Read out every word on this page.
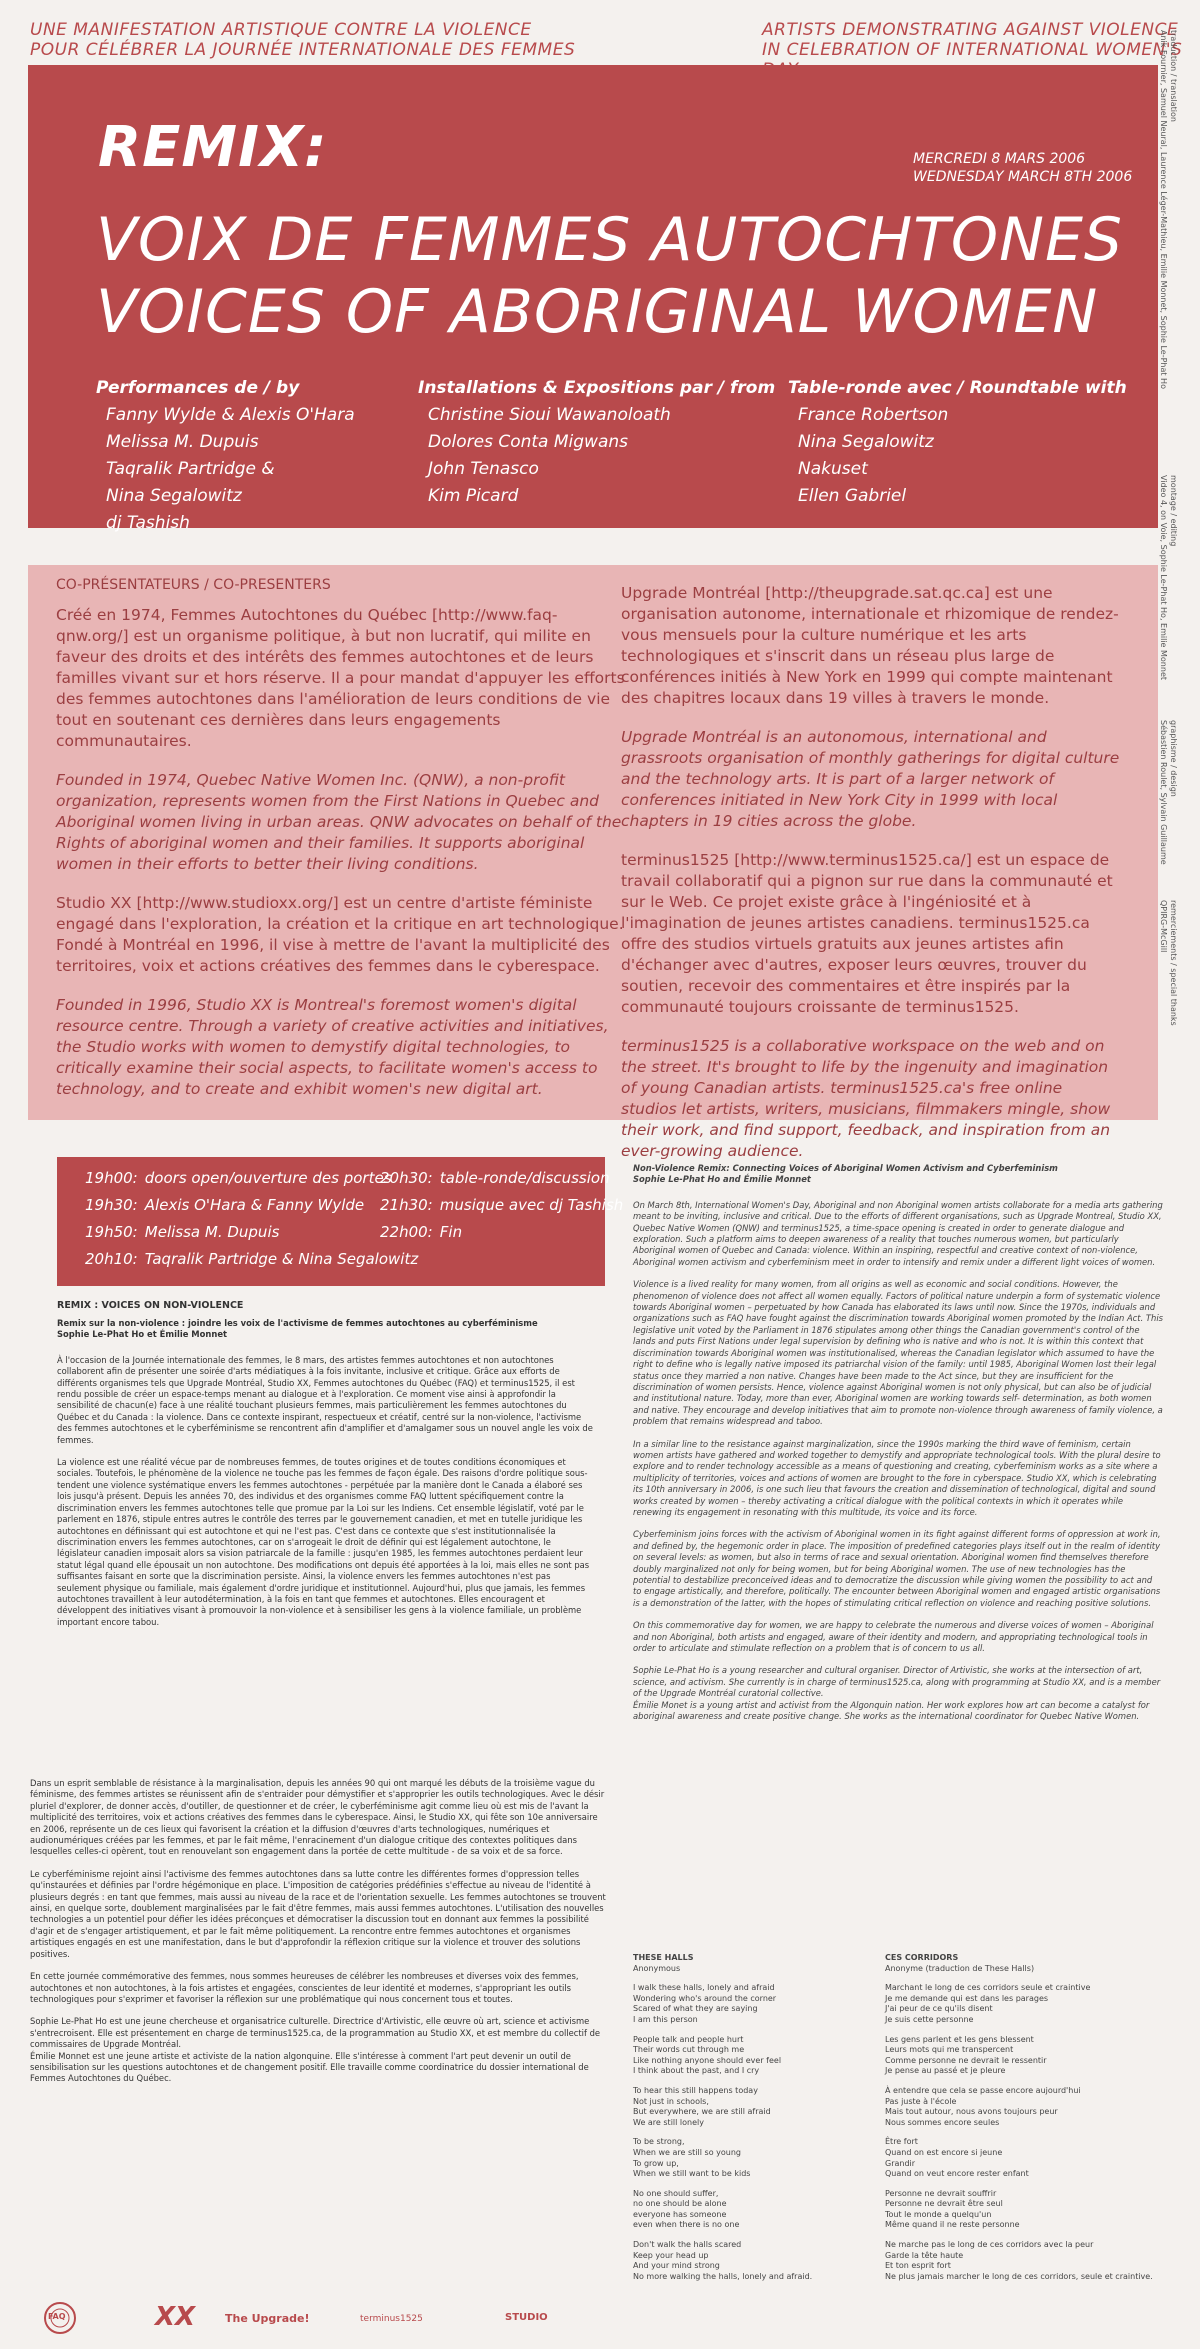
UNE MANIFESTATION ARTISTIQUE CONTRE LA VIOLENCE
POUR CÉLÉBRER LA JOURNÉE INTERNATIONALE DES FEMMES
ARTISTS DEMONSTRATING AGAINST VIOLENCE
IN CELEBRATION OF INTERNATIONAL WOMEN'S
REMIX:	MERCREDI 8 MARS 2006
WEDNESDAY MARCH 8TH 2006
VOIX DE FEMMES AUTOCHTONES
VOICES OF ABORIGINAL WOMEN
Performances de / by
Fanny Wylde & Alexis O'Hara
Melissa M. Dupuis
Taqralik Partridge &
Nina Segalowitz
dj Tashish
Installations & Expositions par / from
Christine Sioui Wawanoloath
Dolores Conta Migwans
John Tenasco
Kim Picard
Table-ronde avec / Roundtable with
France Robertson
Nina Segalowitz
Nakuset
Ellen Gabriel
traduction / translation
Anik Fournier, Samuel Neural, Laurence Léger-Mathieu, Emilie Monnet, Sophie Le-Phat Ho
montage / editing
Video 4, on Voie, Sophie Le-Phat Ho, Emilie Monnet
graphisme / design
Sébastien Roulet, Sylvain Guillaume
remerciements / special thanks
QPIRG-McGill
CO-PRÉSENTATEURS / CO-PRESENTERS

Créé en 1974, Femmes Autochtones du Québec [http://www.faq-qnw.org/] est un organisme politique, à but non lucratif, qui milite en faveur des droits et des intérêts des femmes autochtones et de leurs familles vivant sur et hors réserve. Il a pour mandat d'appuyer les efforts des femmes autochtones dans l'amélioration de leurs conditions de vie tout en soutenant ces dernières dans leurs engagements communautaires.

Founded in 1974, Quebec Native Women Inc. (QNW), a non-profit organization, represents women from the First Nations in Quebec and Aboriginal women living in urban areas. QNW advocates on behalf of the Rights of aboriginal women and their families. It supports aboriginal women in their efforts to better their living conditions.

Studio XX [http://www.studioxx.org/] est un centre d'artiste féministe engagé dans l'exploration, la création et la critique en art technologique. Fondé à Montréal en 1996, il vise à mettre de l'avant la multiplicité des territoires, voix et actions créatives des femmes dans le cyberespace.

Founded in 1996, Studio XX is Montreal's foremost women's digital resource centre. Through a variety of creative activities and initiatives, the Studio works with women to demystify digital technologies, to critically examine their social aspects, to facilitate women's access to technology, and to create and exhibit women's new digital art.

Upgrade Montréal [http://theupgrade.sat.qc.ca] est une organisation autonome, internationale et rhizomique de rendez-vous mensuels pour la culture numérique et les arts technologiques et s'inscrit dans un réseau plus large de conférences initiés à New York en 1999 qui compte maintenant des chapitres locaux dans 19 villes à travers le monde.

Upgrade Montréal is an autonomous, international and grassroots organisation of monthly gatherings for digital culture and the technology arts. It is part of a larger network of conferences initiated in New York City in 1999 with local chapters in 19 cities across the globe.

terminus1525 [http://www.terminus1525.ca/] est un espace de travail collaboratif qui a pignon sur rue dans la communauté et sur le Web. Ce projet existe grâce à l'ingéniosité et à l'imagination de jeunes artistes canadiens. terminus1525.ca offre des studios virtuels gratuits aux jeunes artistes afin d'échanger avec d'autres, exposer leurs œuvres, trouver du soutien, recevoir des commentaires et être inspirés par la communauté toujours croissante de terminus1525.

terminus1525 is a collaborative workspace on the web and on the street. It's brought to life by the ingenuity and imagination of young Canadian artists. terminus1525.ca's free online studios let artists, writers, musicians, filmmakers mingle, show their work, and find support, feedback, and inspiration from an ever-growing audience.

19h00: doors open/ouverture des portes
19h30: Alexis O'Hara & Fanny Wylde
19h50: Melissa M. Dupuis
20h10: Taqralik Partridge & Nina Segalowitz
20h30: table-ronde/discussion
21h30: musique avec dj Tashish
22h00: Fin
REMIX : VOICES ON NON-VIOLENCE

Remix sur la non-violence : joindre les voix de l'activisme de femmes autochtones au cyberféminisme
Sophie Le-Phat Ho et Émilie Monnet

À l'occasion de la Journée internationale des femmes, le 8 mars, des artistes femmes autochtones et non autochtones collaborent afin de présenter une soirée d'arts médiatiques à la fois invitante, inclusive et critique. Grâce aux efforts de différents organismes tels que Upgrade Montréal, Studio XX, Femmes autochtones du Québec (FAQ) et terminus1525, il est rendu possible de créer un espace-temps menant au dialogue et à l'exploration. Ce moment vise ainsi à approfondir la sensibilité de chacun(e) face à une réalité touchant plusieurs femmes, mais particulièrement les femmes autochtones du Québec et du Canada : la violence. Dans ce contexte inspirant, respectueux et créatif, centré sur la non-violence, l'activisme des femmes autochtones et le cyberféminisme se rencontrent afin d'amplifier et d'amalgamer sous un nouvel angle les voix de femmes.

La violence est une réalité vécue par de nombreuses femmes, de toutes origines et de toutes conditions économiques et sociales. Toutefois, le phénomène de la violence ne touche pas les femmes de façon égale. Des raisons d'ordre politique sous-tendent une violence systématique envers les femmes autochtones - perpétuée par la manière dont le Canada a élaboré ses lois jusqu'à présent. Depuis les années 70, des individus et des organismes comme FAQ luttent spécifiquement contre la discrimination envers les femmes autochtones telle que promue par la Loi sur les Indiens. Cet ensemble législatif, voté par le parlement en 1876, stipule entres autres le contrôle des terres par le gouvernement canadien, et met en tutelle juridique les autochtones en définissant qui est autochtone et qui ne l'est pas. C'est dans ce contexte que s'est institutionnalisée la discrimination envers les femmes autochtones, car on s'arrogeait le droit de définir qui est légalement autochtone, le législateur canadien imposait alors sa vision patriarcale de la famille : jusqu'en 1985, les femmes autochtones perdaient leur statut légal quand elle épousait un non autochtone. Des modifications ont depuis été apportées à la loi, mais elles ne sont pas suffisantes faisant en sorte que la discrimination persiste. Ainsi, la violence envers les femmes autochtones n'est pas seulement physique ou familiale, mais également d'ordre juridique et institutionnel. Aujourd'hui, plus que jamais, les femmes autochtones travaillent à leur autodétermination, à la fois en tant que femmes et autochtones. Elles encouragent et développent des initiatives visant à promouvoir la non-violence et à sensibiliser les gens à la violence familiale, un problème important encore tabou.

Dans un esprit semblable de résistance à la marginalisation, depuis les années 90 qui ont marqué les débuts de la troisième vague du féminisme, des femmes artistes se réunissent afin de s'entraider pour démystifier et s'approprier les outils technologiques. Avec le désir pluriel d'explorer, de donner accès, d'outiller, de questionner et de créer, le cyberféminisme agit comme lieu où est mis de l'avant la multiplicité des territoires, voix et actions créatives des femmes dans le cyberespace. Ainsi, le Studio XX, qui fête son 10e anniversaire en 2006, représente un de ces lieux qui favorisent la création et la diffusion d'œuvres d'arts technologiques, numériques et audionumériques créées par les femmes, et par le fait même, l'enracinement d'un dialogue critique des contextes politiques dans lesquelles celles-ci opèrent, tout en renouvelant son engagement dans la portée de cette multitude - de sa voix et de sa force.

Le cyberféminisme rejoint ainsi l'activisme des femmes autochtones dans sa lutte contre les différentes formes d'oppression telles qu'instaurées et définies par l'ordre hégémonique en place. L'imposition de catégories prédéfinies s'effectue au niveau de l'identité à plusieurs degrés : en tant que femmes, mais aussi au niveau de la race et de l'orientation sexuelle. Les femmes autochtones se trouvent ainsi, en quelque sorte, doublement marginalisées par le fait d'être femmes, mais aussi femmes autochtones. L'utilisation des nouvelles technologies a un potentiel pour défier les idées préconçues et démocratiser la discussion tout en donnant aux femmes la possibilité d'agir et de s'engager artistiquement, et par le fait même politiquement. La rencontre entre femmes autochtones et organismes artistiques engagés en est une manifestation, dans le but d'approfondir la réflexion critique sur la violence et trouver des solutions positives.

En cette journée commémorative des femmes, nous sommes heureuses de célébrer les nombreuses et diverses voix des femmes, autochtones et non autochtones, à la fois artistes et engagées, conscientes de leur identité et modernes, s'appropriant les outils technologiques pour s'exprimer et favoriser la réflexion sur une problématique qui nous concernent tous et toutes.

Sophie Le-Phat Ho est une jeune chercheuse et organisatrice culturelle. Directrice d'Artivistic, elle œuvre où art, science et activisme s'entrecroisent. Elle est présentement en charge de terminus1525.ca, de la programmation au Studio XX, et est membre du collectif de commissaires de Upgrade Montréal.
Émilie Monnet est une jeune artiste et activiste de la nation algonquine. Elle s'intéresse à comment l'art peut devenir un outil de sensibilisation sur les questions autochtones et de changement positif. Elle travaille comme coordinatrice du dossier international de Femmes Autochtones du Québec.

Non-Violence Remix: Connecting Voices of Aboriginal Women Activism and Cyberfeminism
Sophie Le-Phat Ho and Émilie Monnet

On March 8th, International Women's Day, Aboriginal and non Aboriginal women artists collaborate for a media arts gathering meant to be inviting, inclusive and critical. Due to the efforts of different organisations, such as Upgrade Montreal, Studio XX, Quebec Native Women (QNW) and terminus1525, a time-space opening is created in order to generate dialogue and exploration. Such a platform aims to deepen awareness of a reality that touches numerous women, but particularly Aboriginal women of Quebec and Canada: violence. Within an inspiring, respectful and creative context of non-violence, Aboriginal women activism and cyberfeminism meet in order to intensify and remix under a different light voices of women.

Violence is a lived reality for many women, from all origins as well as economic and social conditions. However, the phenomenon of violence does not affect all women equally. Factors of political nature underpin a form of systematic violence towards Aboriginal women – perpetuated by how Canada has elaborated its laws until now. Since the 1970s, individuals and organizations such as FAQ have fought against the discrimination towards Aboriginal women promoted by the Indian Act. This legislative unit voted by the Parliament in 1876 stipulates among other things the Canadian government's control of the lands and puts First Nations under legal supervision by defining who is native and who is not. It is within this context that discrimination towards Aboriginal women was institutionalised, whereas the Canadian legislator which assumed to have the right to define who is legally native imposed its patriarchal vision of the family: until 1985, Aboriginal Women lost their legal status once they married a non native. Changes have been made to the Act since, but they are insufficient for the discrimination of women persists. Hence, violence against Aboriginal women is not only physical, but can also be of judicial and institutional nature. Today, more than ever, Aboriginal women are working towards self- determination, as both women and native. They encourage and develop initiatives that aim to promote non-violence through awareness of family violence, a problem that remains widespread and taboo.

In a similar line to the resistance against marginalization, since the 1990s marking the third wave of feminism, certain women artists have gathered and worked together to demystify and appropriate technological tools. With the plural desire to explore and to render technology accessible as a means of questioning and creating, cyberfeminism works as a site where a multiplicity of territories, voices and actions of women are brought to the fore in cyberspace. Studio XX, which is celebrating its 10th anniversary in 2006, is one such lieu that favours the creation and dissemination of technological, digital and sound works created by women – thereby activating a critical dialogue with the political contexts in which it operates while renewing its engagement in resonating with this multitude, its voice and its force.

Cyberfeminism joins forces with the activism of Aboriginal women in its fight against different forms of oppression at work in, and defined by, the hegemonic order in place. The imposition of predefined categories plays itself out in the realm of identity on several levels: as women, but also in terms of race and sexual orientation. Aboriginal women find themselves therefore doubly marginalized not only for being women, but for being Aboriginal women. The use of new technologies has the potential to destabilize preconceived ideas and to democratize the discussion while giving women the possibility to act and to engage artistically, and therefore, politically. The encounter between Aboriginal women and engaged artistic organisations is a demonstration of the latter, with the hopes of stimulating critical reflection on violence and reaching positive solutions.

On this commemorative day for women, we are happy to celebrate the numerous and diverse voices of women – Aboriginal and non Aboriginal, both artists and engaged, aware of their identity and modern, and appropriating technological tools in order to articulate and stimulate reflection on a problem that is of concern to us all.

Sophie Le-Phat Ho is a young researcher and cultural organiser. Director of Artivistic, she works at the intersection of art, science, and activism. She currently is in charge of terminus1525.ca, along with programming at Studio XX, and is a member of the Upgrade Montréal curatorial collective.
Émilie Monet is a young artist and activist from the Algonquin nation. Her work explores how art can become a catalyst for aboriginal awareness and create positive change. She works as the international coordinator for Quebec Native Women.

THESE HALLS
Anonymous
I walk these halls, lonely and afraid
Wondering who's around the corner
Scared of what they are saying
I am this person
People talk and people hurt
Their words cut through me
Like nothing anyone should ever feel
I think about the past, and I cry
To hear this still happens today
Not just in schools,
But everywhere, we are still afraid
We are still lonely
To be strong,
When we are still so young
To grow up,
When we still want to be kids
No one should suffer,
no one should be alone
everyone has someone
even when there is no one
Don't walk the halls scared
Keep your head up
And your mind strong
No more walking the halls, lonely and afraid.
CES CORRIDORS
Anonyme (traduction de These Halls)
Marchant le long de ces corridors seule et craintive
Je me demande qui est dans les parages
J'ai peur de ce qu'ils disent
Je suis cette personne
Les gens parlent et les gens blessent
Leurs mots qui me transpercent
Comme personne ne devrait le ressentir
Je pense au passé et je pleure
À entendre que cela se passe encore aujourd'hui
Pas juste à l'école
Mais tout autour, nous avons toujours peur
Nous sommes encore seules
Être fort
Quand on est encore si jeune
Grandir
Quand on veut encore rester enfant
Personne ne devrait souffrir
Personne ne devrait être seul
Tout le monde a quelqu'un
Même quand il ne reste personne
Ne marche pas le long de ces corridors avec la peur
Garde la tête haute
Et ton esprit fort
Ne plus jamais marcher le long de ces corridors, seule et craintive.
FAQ	XX	The Upgrade!	terminus1525	STUDIO
